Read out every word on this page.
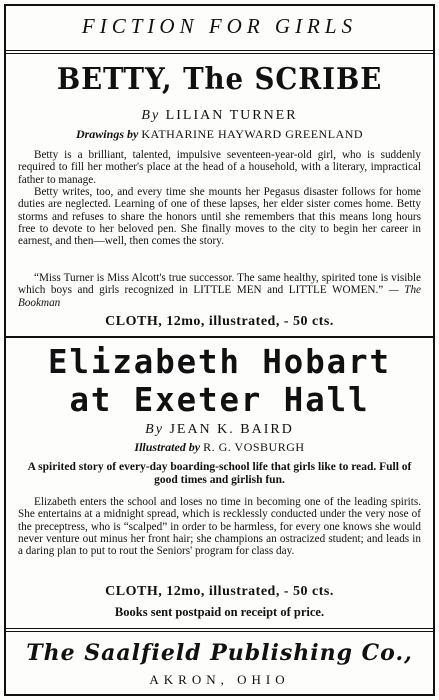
FICTION FOR GIRLS
BETTY, The SCRIBE
By LILIAN TURNER
Drawings by KATHARINE HAYWARD GREENLAND

Betty is a brilliant, talented, impulsive seventeen-year-old girl, who is suddenly required to fill her mother's place at the head of a household, with a literary, impractical father to manage.

Betty writes, too, and every time she mounts her Pegasus disaster follows for home duties are neglected. Learning of one of these lapses, her elder sister comes home. Betty storms and refuses to share the honors until she remembers that this means long hours free to devote to her beloved pen. She finally moves to the city to begin her career in earnest, and then—well, then comes the story.

“Miss Turner is Miss Alcott's true successor. The same healthy, spirited tone is visible which boys and girls recognized in LITTLE MEN and LITTLE WOMEN.” — The Bookman

CLOTH, 12mo, illustrated, - 50 cts.
Elizabeth Hobart
at Exeter Hall
By JEAN K. BAIRD
Illustrated by R. G. VOSBURGH
A spirited story of every-day boarding-school life that girls like to read. Full of good times and girlish fun.

Elizabeth enters the school and loses no time in becoming one of the leading spirits. She entertains at a midnight spread, which is recklessly conducted under the very nose of the preceptress, who is “scalped” in order to be harmless, for every one knows she would never venture out minus her front hair; she champions an ostracized student; and leads in a daring plan to put to rout the Seniors' program for class day.

CLOTH, 12mo, illustrated, - 50 cts.
Books sent postpaid on receipt of price.
The Saalfield Publishing Co.,
AKRON, OHIO
